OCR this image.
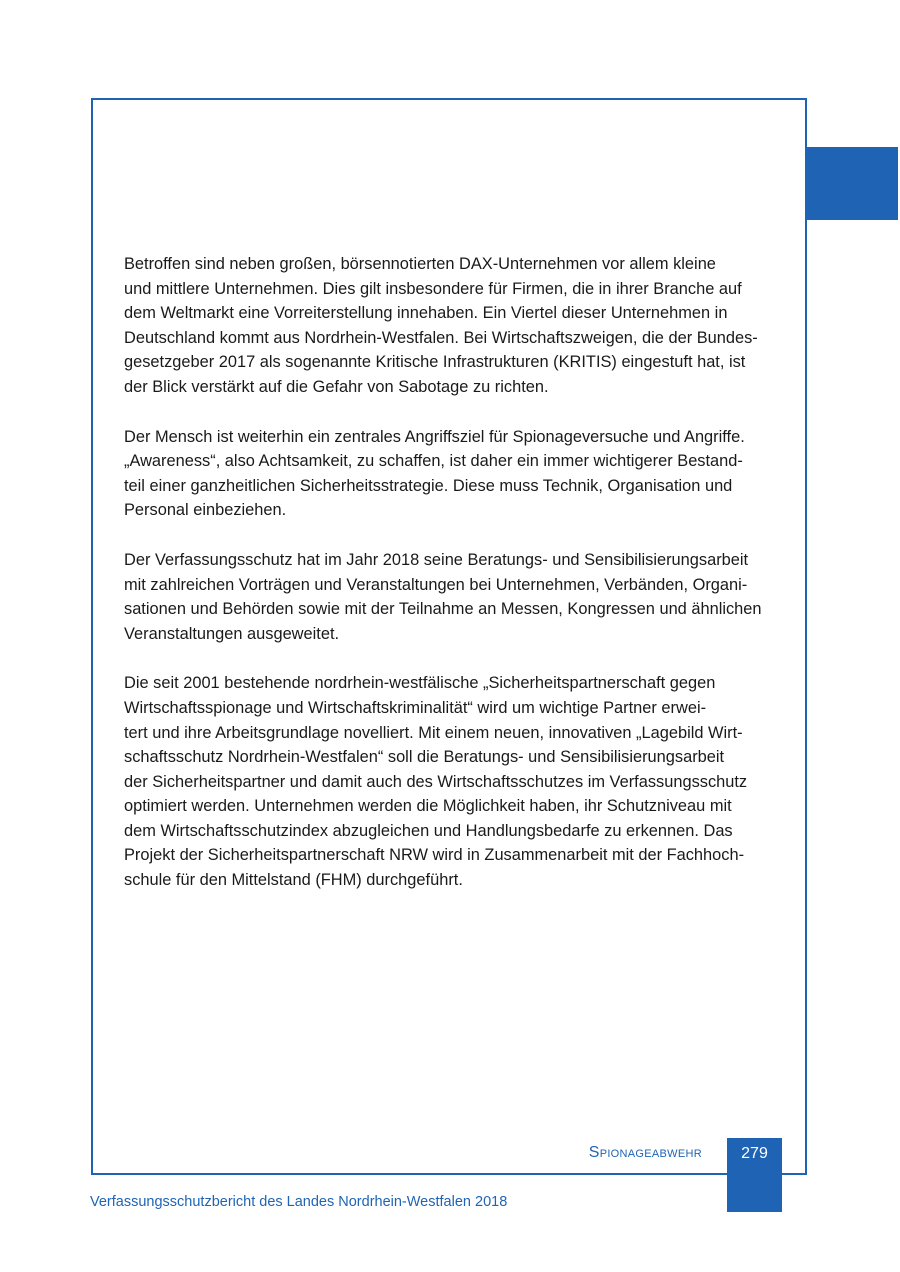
Betroffen sind neben großen, börsennotierten DAX-Unternehmen vor allem kleine
und mittlere Unternehmen. Dies gilt insbesondere für Firmen, die in ihrer Branche auf
dem Weltmarkt eine Vorreiterstellung innehaben. Ein Viertel dieser Unternehmen in
Deutschland kommt aus Nordrhein-Westfalen. Bei Wirtschaftszweigen, die der Bundes-
gesetzgeber 2017 als sogenannte Kritische Infrastrukturen (KRITIS) eingestuft hat, ist
der Blick verstärkt auf die Gefahr von Sabotage zu richten.

Der Mensch ist weiterhin ein zentrales Angriffsziel für Spionageversuche und Angriffe.
„Awareness“, also Achtsamkeit, zu schaffen, ist daher ein immer wichtigerer Bestand-
teil einer ganzheitlichen Sicherheitsstrategie. Diese muss Technik, Organisation und
Personal einbeziehen.

Der Verfassungsschutz hat im Jahr 2018 seine Beratungs- und Sensibilisierungsarbeit
mit zahlreichen Vorträgen und Veranstaltungen bei Unternehmen, Verbänden, Organi-
sationen und Behörden sowie mit der Teilnahme an Messen, Kongressen und ähnlichen
Veranstaltungen ausgeweitet.

Die seit 2001 bestehende nordrhein-westfälische „Sicherheitspartnerschaft gegen
Wirtschaftsspionage und Wirtschaftskriminalität“ wird um wichtige Partner erwei-
tert und ihre Arbeitsgrundlage novelliert. Mit einem neuen, innovativen „Lagebild Wirt-
schaftsschutz Nordrhein-Westfalen“ soll die Beratungs- und Sensibilisierungsarbeit
der Sicherheitspartner und damit auch des Wirtschaftsschutzes im Verfassungsschutz
optimiert werden. Unternehmen werden die Möglichkeit haben, ihr Schutzniveau mit
dem Wirtschaftsschutzindex abzugleichen und Handlungsbedarfe zu erkennen. Das
Projekt der Sicherheitspartnerschaft NRW wird in Zusammenarbeit mit der Fachhoch-
schule für den Mittelstand (FHM) durchgeführt.

Spionageabwehr	279
Verfassungsschutzbericht des Landes Nordrhein-Westfalen 2018
